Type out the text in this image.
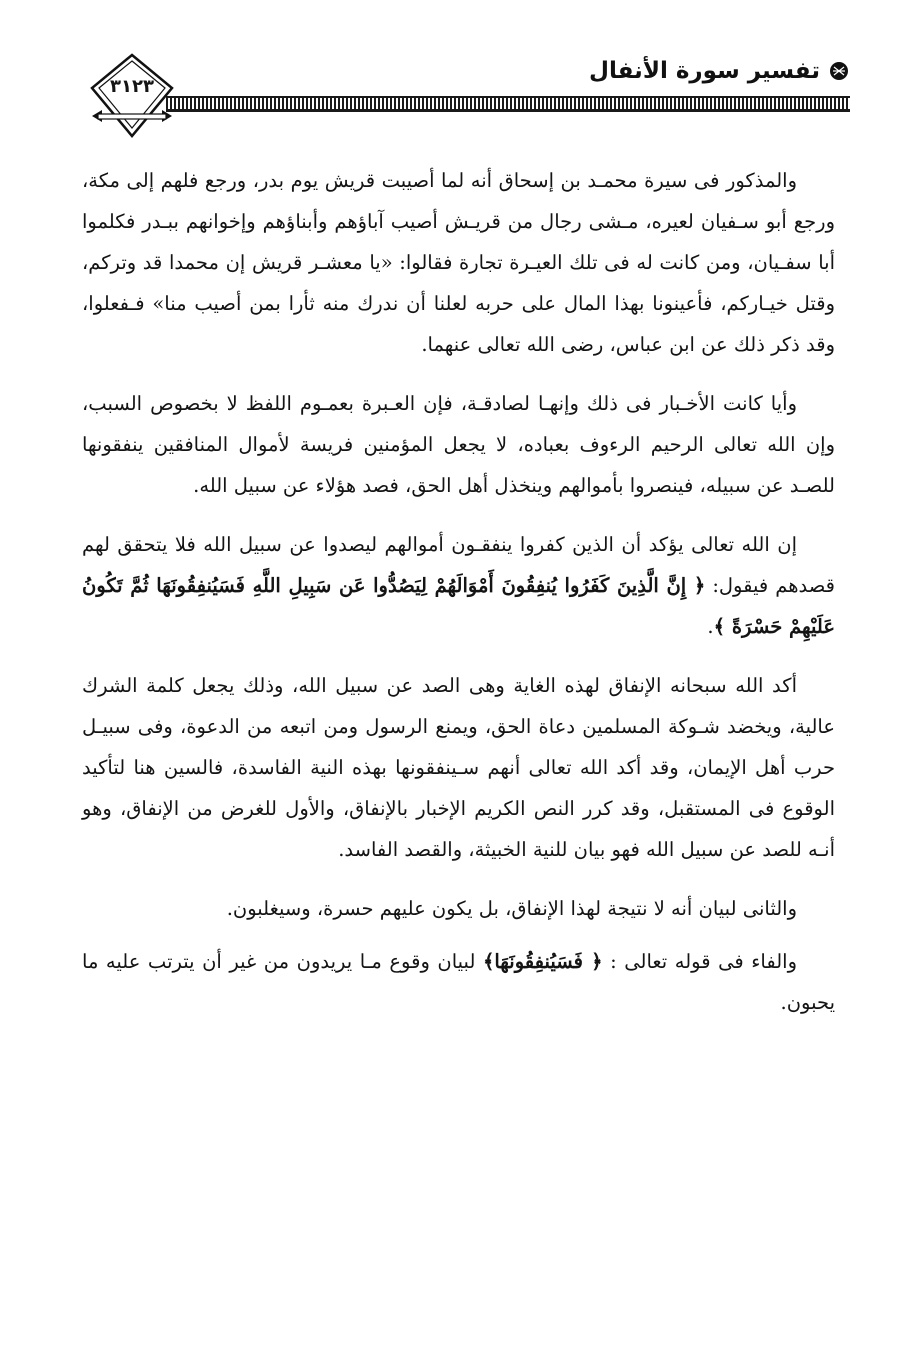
تفسير سورة الأنفال
٣١٢٣

والمذكور فى سيرة محمـد بن إسحاق أنه لما أصيبت قريش يوم بدر، ورجع فلهم إلى مكة، ورجع أبو سـفيان لعيره، مـشى رجال من قريـش أصيب آباؤهم وأبناؤهم وإخوانهم ببـدر فكلموا أبا سفـيان، ومن كانت له فى تلك العيـرة تجارة فقالوا: «يا معشـر قريش إن محمدا قد وتركم، وقتل خيـاركم، فأعينونا بهذا المال على حربه لعلنا أن ندرك منه ثأرا بمن أصيب منا» فـفعلوا، وقد ذكر ذلك عن ابن عباس، رضى الله تعالى عنهما.

وأيا كانت الأخـبار فى ذلك وإنهـا لصادقـة، فإن العـبرة بعمـوم اللفظ لا بخصوص السبب، وإن الله تعالى الرحيم الرءوف بعباده، لا يجعل المؤمنين فريسة لأموال المنافقين ينفقونها للصـد عن سبيله، فينصروا بأموالهم وينخذل أهل الحق، فصد هؤلاء عن سبيل الله.

إن الله تعالى يؤكد أن الذين كفروا ينفقـون أموالهم ليصدوا عن سبيل الله فلا يتحقق لهم قصدهم فيقول: ﴿ إِنَّ الَّذِينَ كَفَرُوا يُنفِقُونَ أَمْوَالَهُمْ لِيَصُدُّوا عَن سَبِيلِ اللَّهِ فَسَيُنفِقُونَهَا ثُمَّ تَكُونُ عَلَيْهِمْ حَسْرَةً ﴾.

أكد الله سبحانه الإنفاق لهذه الغاية وهى الصد عن سبيل الله، وذلك يجعل كلمة الشرك عالية، ويخضد شـوكة المسلمين دعاة الحق، ويمنع الرسول ومن اتبعه من الدعوة، وفى سبيـل حرب أهل الإيمان، وقد أكد الله تعالى أنهم سـينفقونها بهذه النية الفاسدة، فالسين هنا لتأكيد الوقوع فى المستقبل، وقد كرر النص الكريم الإخبار بالإنفاق، والأول للغرض من الإنفاق، وهو أنـه للصد عن سبيل الله فهو بيان للنية الخبيثة، والقصد الفاسد.

والثانى لبيان أنه لا نتيجة لهذا الإنفاق، بل يكون عليهم حسرة، وسيغلبون.

والفاء فى قوله تعالى : ﴿ فَسَيُنفِقُونَهَا﴾ لبيان وقوع مـا يريدون من غير أن يترتب عليه ما يحبون.
